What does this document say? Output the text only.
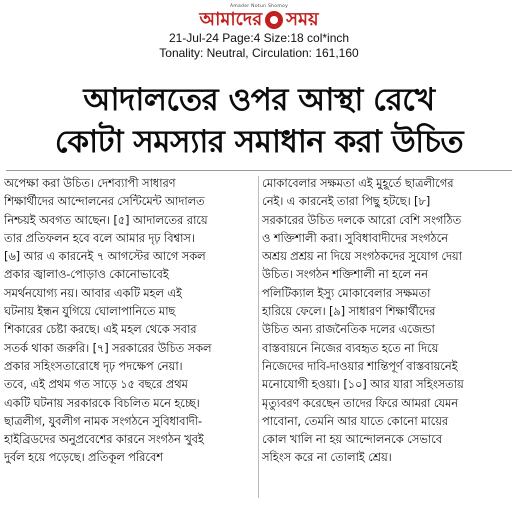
Amader Notun Shomoy
আমাদের সময়
21-Jul-24 Page:4 Size:18 col*inch
Tonality: Neutral, Circulation: 161,160
আদালতের ওপর আস্থা রেখে
কোটা সমস্যার সমাধান করা উচিত
অপেক্ষা করা উচিত। দেশব্যাপী সাধারণ
শিক্ষার্থীদের আন্দোলনের সেন্টিমেন্ট আদালত
নিশ্চয়ই অবগত আছেন। [৫] আদালতের রায়ে
তার প্রতিফলন হবে বলে আমার দৃঢ় বিশ্বাস।
[৬] আর এ কারনেই ৭ আগস্টের আগে সকল
প্রকার জ্বালাও-পোড়াও কোনোভাবেই
সমর্থনযোগ্য নয়। আবার একটি মহল এই
ঘটনায় ইন্ধন যুগিয়ে ঘোলাপানিতে মাছ
শিকারের চেষ্টা করছে। এই মহল থেকে সবার
সতর্ক থাকা জরুরি। [৭] সরকারের উচিত সকল
প্রকার সহিংসতারোধে দৃঢ় পদক্ষেপ নেয়া।
তবে, এই প্রথম গত সাড়ে ১৫ বছরে প্রথম
একটি ঘটনায় সরকারকে বিচলিত মনে হচ্ছে।
ছাত্রলীগ, যুবলীগ নামক সংগঠনে সুবিধাবাদী-
হাইব্রিডদের অনুপ্রবেশের কারনে সংগঠন খুবই
দুর্বল হয়ে পড়েছে। প্রতিকূল পরিবেশ
মোকাবেলার সক্ষমতা এই মুহূর্তে ছাত্রলীগের
নেই। এ কারনেই তারা পিছু হটছে। [৮]
সরকারের উচিত দলকে আরো বেশি সংগঠিত
ও শক্তিশালী করা। সুবিধাবাদীদের সংগঠনে
অশ্রয় প্রশ্রয় না দিয়ে সংগঠকদের সুযোগ দেয়া
উচিত। সংগঠন শক্তিশালী না হলে নন
পলিটিক্যাল ইস্যু মোকাবেলার সক্ষমতা
হারিয়ে ফেলে। [৯] সাধারণ শিক্ষার্থীদের
উচিত অন্য রাজনৈতিক দলের এজেন্ডা
বাস্তবায়নে নিজের ব্যবহৃত হতে না দিয়ে
নিজেদের দাবি-দাওয়ার শান্তিপূর্ণ বাস্তবায়নেই
মনোযোগী হওয়া। [১০] আর যারা সহিংসতায়
মৃত্যুবরণ করেছেন তাদের ফিরে আমরা যেমন
পাবোনা, তেমনি আর যাতে কোনো মায়ের
কোল খালি না হয় আন্দোলনকে সেভাবে
সহিংস করে না তোলাই শ্রেয়।
